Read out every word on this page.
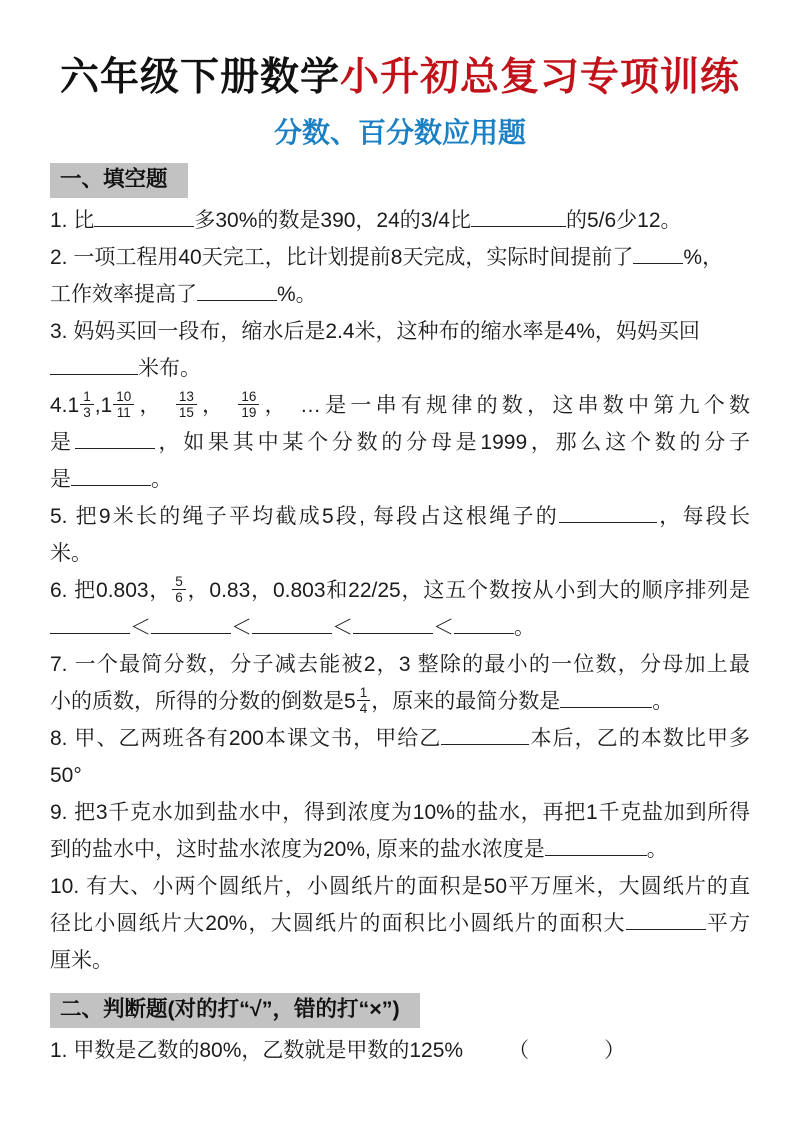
六年级下册数学小升初总复习专项训练
分数、百分数应用题
一、填空题
1. 比	多30%的数是390，24的3/4比	的5/6少12。
2. 一项工程用40天完工，比计划提前8天完成，实际时间提前了 %，
工作效率提高了	%。
3. 妈妈买回一段布，缩水后是2.4米，这种布的缩水率是4%，妈妈买回
米布。
$4.1 \frac{1}{3} ,1 \frac{10}{11}$ ， $\frac{13}{15}$ ， $\frac{16}{19}$ ， …是一串有规律的数，这串数中第九个数
是	，如果其中某个分数的分母是1999，那么这个数的分子
是	。
5. 把9米长的绳子平均截成5段, 每段占这根绳子的	，每段长
米。
6. 把0.803， $\frac{5}{6}$ ，0.83，0.803和22/25，这五个数按从小到大的顺序排列是
＜	＜	＜	＜	。
7. 一个最简分数，分子减去能被2，3 整除的最小的一位数，分母加上最
小的质数，所得的分数的倒数是$5 \frac{1}{4}$ ，原来的最简分数是	。
8. 甲、乙两班各有200本课文书，甲给乙	本后，乙的本数比甲多
50°
9. 把3千克水加到盐水中，得到浓度为10%的盐水，再把1千克盐加到所得
到的盐水中，这时盐水浓度为20%, 原来的盐水浓度是	。
10. 有大、小两个圆纸片，小圆纸片的面积是50平万厘米，大圆纸片的直
径比小圆纸片大20%，大圆纸片的面积比小圆纸片的面积大	平方
厘米。
二、判断题(对的打“√”，错的打“×”)
1. 甲数是乙数的80%，乙数就是甲数的125% （	）
